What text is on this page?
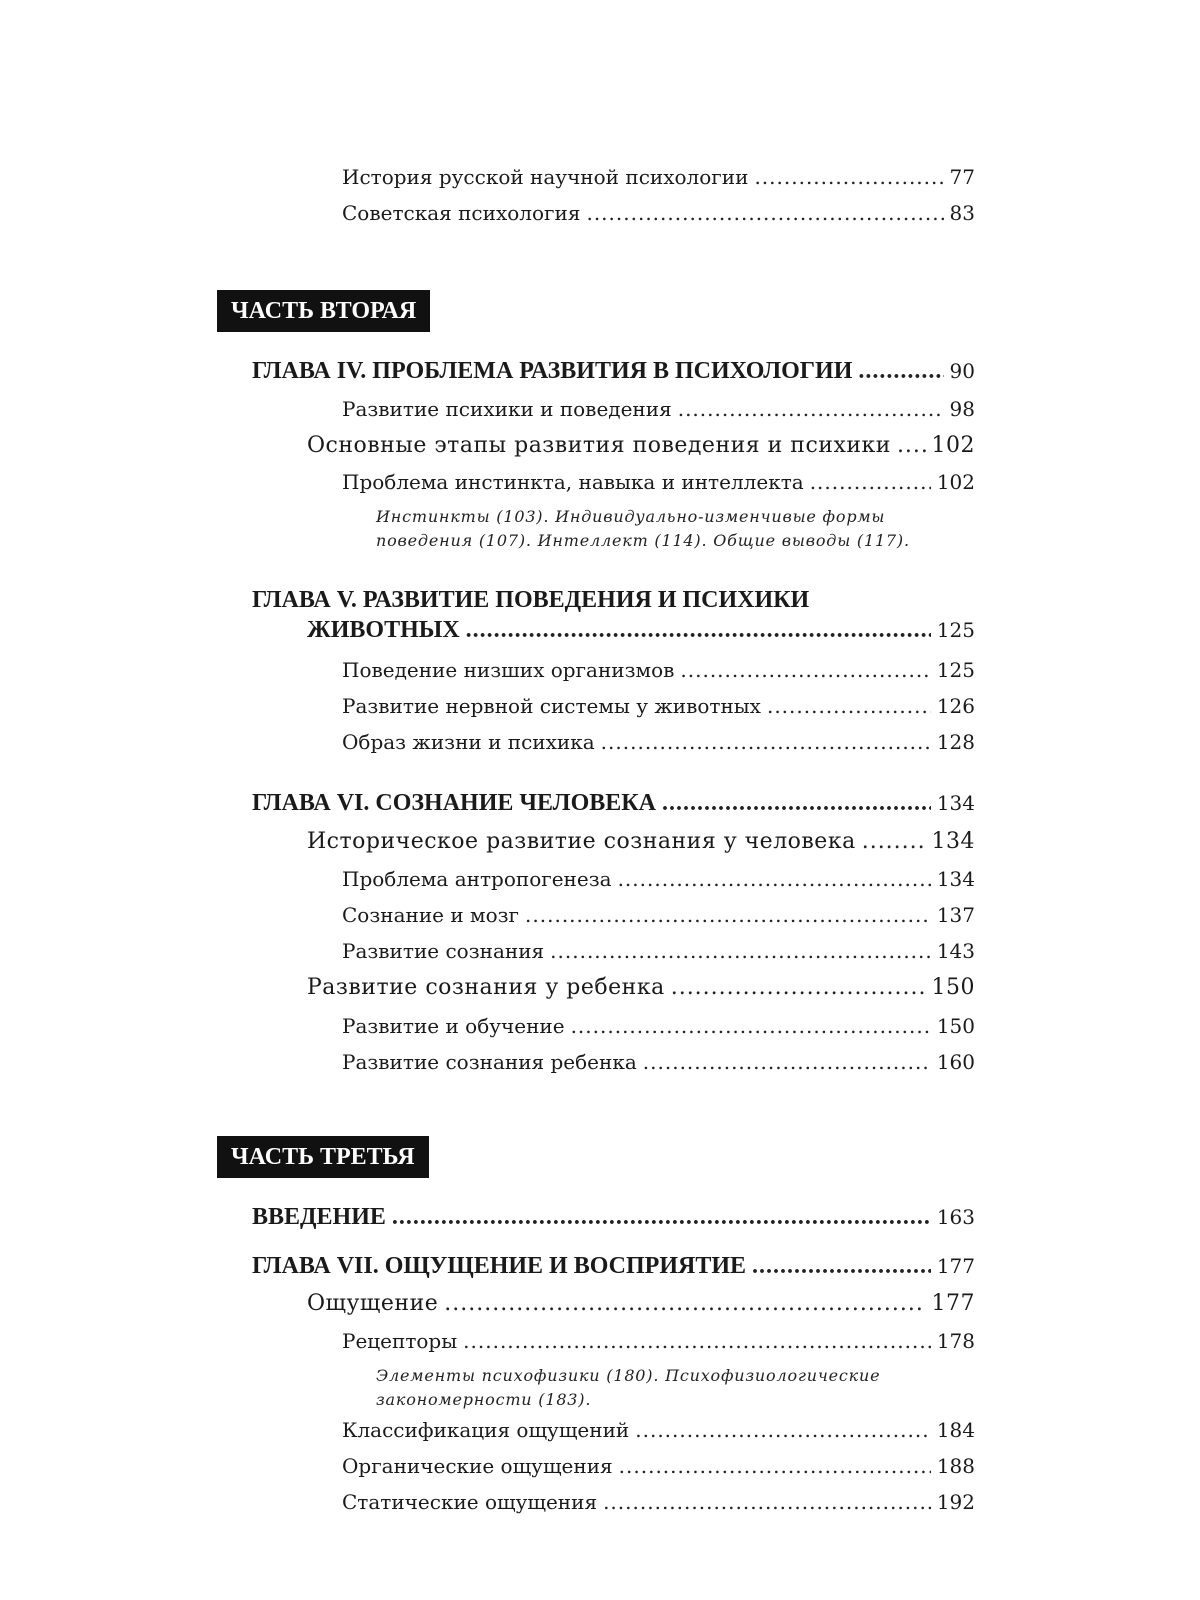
История русской научной психологии .....	77
Советская психология .....	83
ЧАСТЬ ВТОРАЯ
ГЛАВА IV. ПРОБЛЕМА РАЗВИТИЯ В ПСИХОЛОГИИ .....	90
Развитие психики и поведения .....	98
Основные этапы развития поведения и психики ..... 102
Проблема инстинкта, навыка и интеллекта .....	102
Инстинкты (103). Индивидуально-изменчивые формы поведения (107). Интеллект (114). Общие выводы (117).
ГЛАВА V. РАЗВИТИЕ ПОВЕДЕНИЯ И ПСИХИКИ
ЖИВОТНЫХ .....	125
Поведение низших организмов .....	125
Развитие нервной системы у животных .....	126
Образ жизни и психика .....	128
ГЛАВА VI. СОЗНАНИЕ ЧЕЛОВЕКА .....	134
Историческое развитие сознания у человека .....	134
Проблема антропогенеза .....	134
Сознание и мозг .....	137
Развитие сознания .....	143
Развитие сознания у ребенка .....	150
Развитие и обучение .....	150
Развитие сознания ребенка .....	160
ЧАСТЬ ТРЕТЬЯ
ВВЕДЕНИЕ .....	163
ГЛАВА VII. ОЩУЩЕНИЕ И ВОСПРИЯТИЕ .....	177
Ощущение .....	177
Рецепторы .....	178
Элементы психофизики (180). Психофизиологические закономерности (183).
Классификация ощущений .....	184
Органические ощущения .....	188
Статические ощущения .....	192
